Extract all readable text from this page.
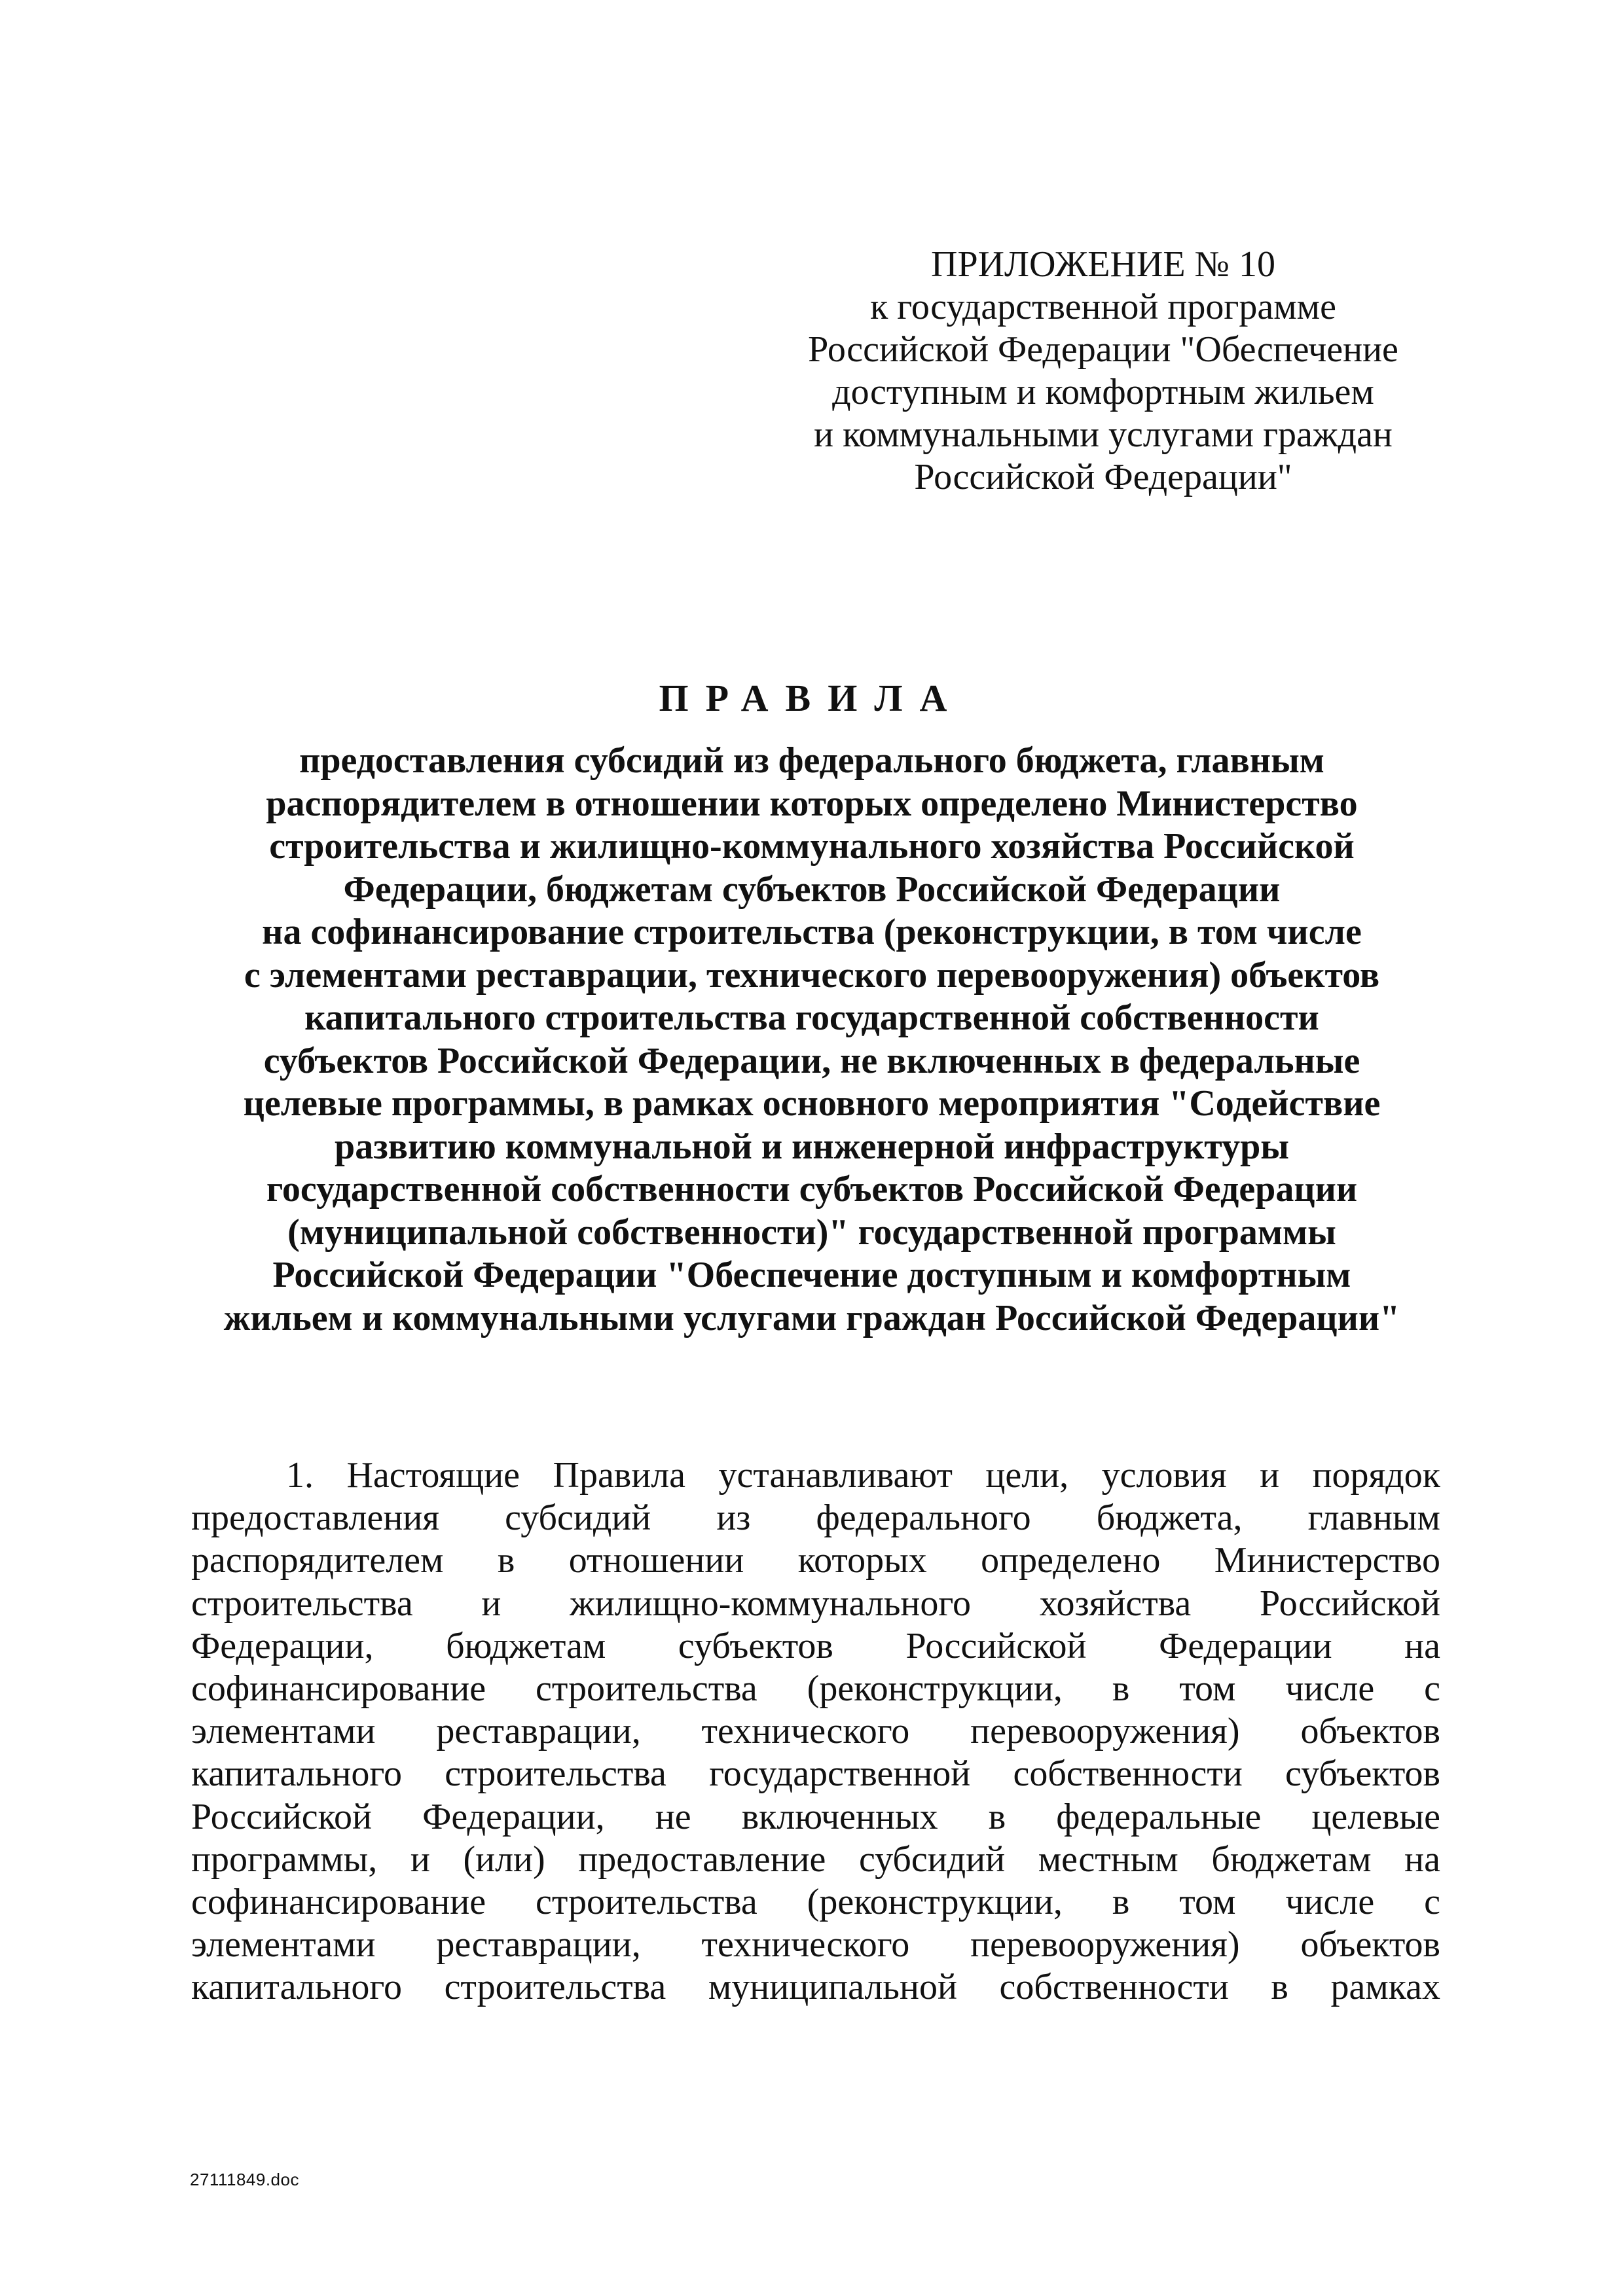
ПРИЛОЖЕНИЕ № 10
к государственной программе
Российской Федерации "Обеспечение
доступным и комфортным жильем
и коммунальными услугами граждан
Российской Федерации"
ПРАВИЛА
предоставления субсидий из федерального бюджета, главным
распорядителем в отношении которых определено Министерство
строительства и жилищно-коммунального хозяйства Российской
Федерации, бюджетам субъектов Российской Федерации
на софинансирование строительства (реконструкции, в том числе
с элементами реставрации, технического перевооружения) объектов
капитального строительства государственной собственности
субъектов Российской Федерации, не включенных в федеральные
целевые программы, в рамках основного мероприятия "Содействие
развитию коммунальной и инженерной инфраструктуры
государственной собственности субъектов Российской Федерации
(муниципальной собственности)" государственной программы
Российской Федерации "Обеспечение доступным и комфортным
жильем и коммунальными услугами граждан Российской Федерации"
1. Настоящие Правила устанавливают цели, условия и порядок
предоставления субсидий из федерального бюджета, главным
распорядителем в отношении которых определено Министерство
строительства и жилищно-коммунального хозяйства Российской
Федерации, бюджетам субъектов Российской Федерации на
софинансирование строительства (реконструкции, в том числе с
элементами реставрации, технического перевооружения) объектов
капитального строительства государственной собственности субъектов
Российской Федерации, не включенных в федеральные целевые
программы, и (или) предоставление субсидий местным бюджетам на
софинансирование строительства (реконструкции, в том числе с
элементами реставрации, технического перевооружения) объектов
капитального строительства муниципальной собственности в рамках
27111849.doc
